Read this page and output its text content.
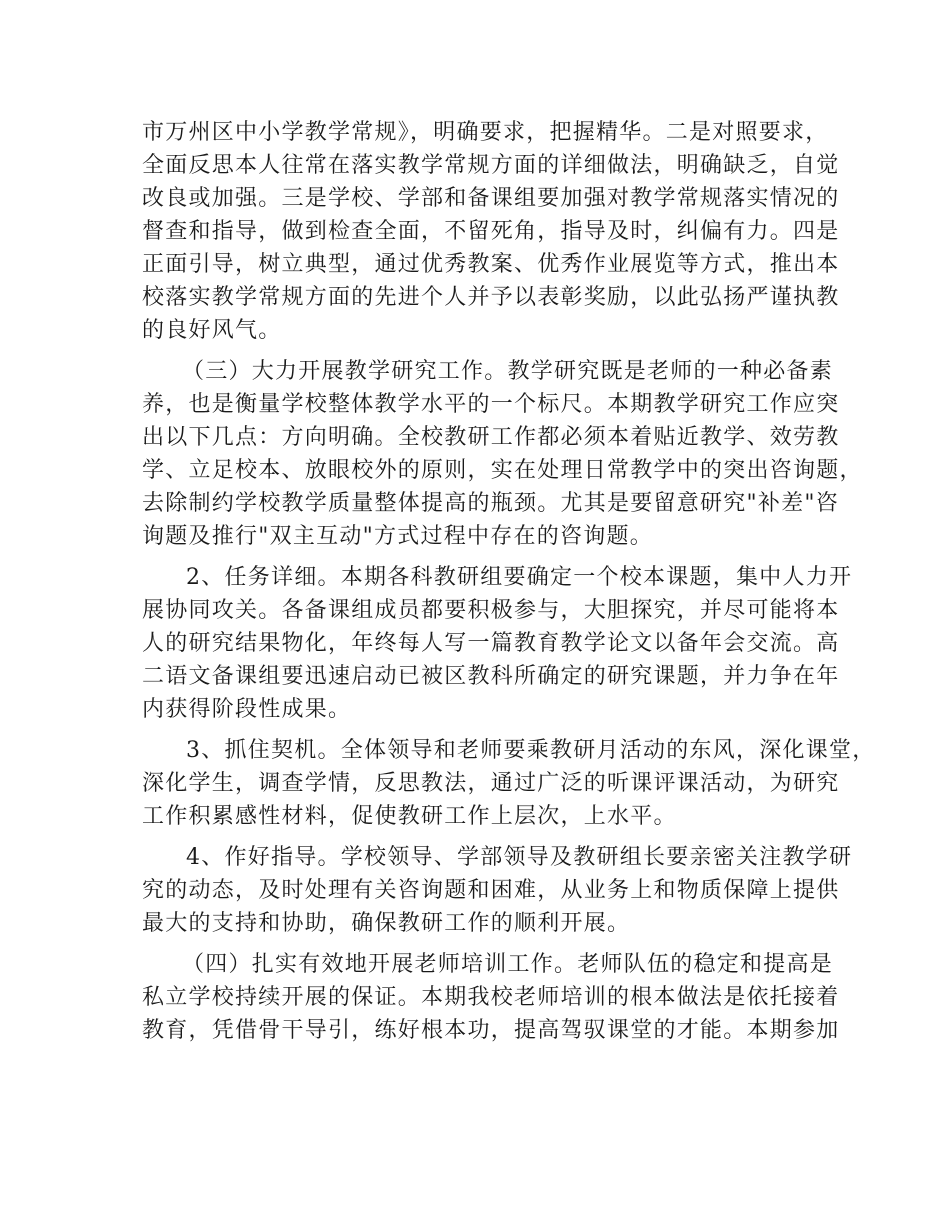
市万州区中小学教学常规》，明确要求，把握精华。二是对照要求，
全面反思本人往常在落实教学常规方面的详细做法，明确缺乏，自觉
改良或加强。三是学校、学部和备课组要加强对教学常规落实情况的
督查和指导，做到检查全面，不留死角，指导及时，纠偏有力。四是
正面引导，树立典型，通过优秀教案、优秀作业展览等方式，推出本
校落实教学常规方面的先进个人并予以表彰奖励，以此弘扬严谨执教
的良好风气。
（三）大力开展教学研究工作。教学研究既是老师的一种必备素
养，也是衡量学校整体教学水平的一个标尺。本期教学研究工作应突
出以下几点：方向明确。全校教研工作都必须本着贴近教学、效劳教
学、立足校本、放眼校外的原则，实在处理日常教学中的突出咨询题，
去除制约学校教学质量整体提高的瓶颈。尤其是要留意研究"补差"咨
询题及推行"双主互动"方式过程中存在的咨询题。
2、任务详细。本期各科教研组要确定一个校本课题，集中人力开
展协同攻关。各备课组成员都要积极参与，大胆探究，并尽可能将本
人的研究结果物化，年终每人写一篇教育教学论文以备年会交流。高
二语文备课组要迅速启动已被区教科所确定的研究课题，并力争在年
内获得阶段性成果。
3、抓住契机。全体领导和老师要乘教研月活动的东风，深化课堂，
深化学生，调查学情，反思教法，通过广泛的听课评课活动，为研究
工作积累感性材料，促使教研工作上层次，上水平。
4、作好指导。学校领导、学部领导及教研组长要亲密关注教学研
究的动态，及时处理有关咨询题和困难，从业务上和物质保障上提供
最大的支持和协助，确保教研工作的顺利开展。
（四）扎实有效地开展老师培训工作。老师队伍的稳定和提高是
私立学校持续开展的保证。本期我校老师培训的根本做法是依托接着
教育，凭借骨干导引，练好根本功，提高驾驭课堂的才能。本期参加
